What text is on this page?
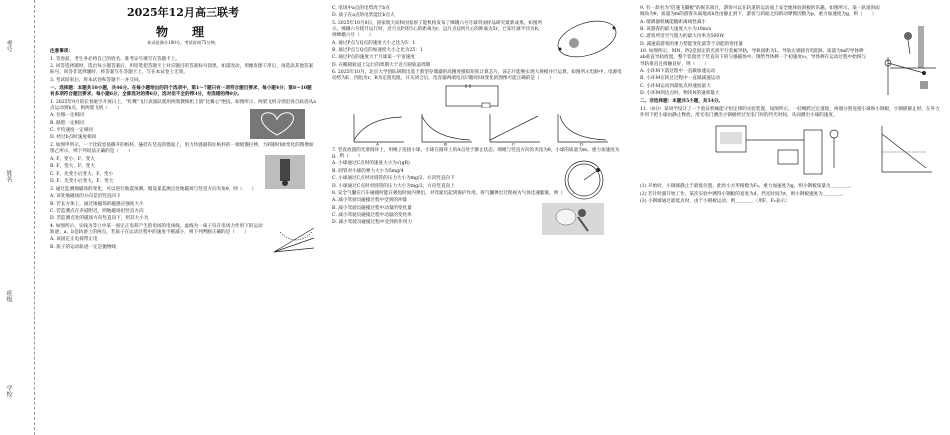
考号
姓名
班级
学校

2025年12月高三联考

物　理

本试卷满分100分，考试时间75分钟。

注意事项：

1. 答卷前，考生务必将自己的姓名、准考证号填写在答题卡上。

2. 回答选择题时，选出每小题答案后，用铅笔把答题卡上对应题目的答案标号涂黑。如需改动，用橡皮擦干净后，再选涂其他答案标号。回答非选择题时，将答案写在答题卡上，写在本试卷上无效。

3. 考试结束后，将本试卷和答题卡一并交回。

一、选择题：本题共10小题，共46分。在每小题给出的四个选项中，第1～7题只有一项符合题目要求，每小题4分；第8～10题有多项符合题目要求，每小题6分，全部选对的得6分，选对但不全的得3分，有选错的得0分。

1. 2025年9月的长春航空开放日上，"红鹰"飞行表演队使用两架教练机上演"比翼心"绝技。如图所示，两架飞机分别沿各自轨迹从a点运动到b点，则两架飞机（　　）

A. 位移一定相同

B. 路程一定相同

C. 平均速度一定相同

D. 经过b点时速度相同

2. 如图甲所示，一个比较容易撕开的纸杯，悬挂在竖直的墙面上，用力传感器钩住纸杯的一端缓慢拉伸，力F随时间t变化的图像如图乙所示，则下列说法正确的是（　　）

A. F、变小、F、变大

B. F、变大、F、变大

C. F、先变小后变大、F、变小

D. F、先变小后变大、F、变大

3. 通过监测地磁场的变化，可以进行地震预测。假设某监测点处地磁场与竖直方向夹角θ，则（　　）

A. 该处地磁场的方向是沿竖直向下

B. 若长方体上，通过地磁场的磁感应强度大小

C. 若监测点在赤道附近，则地磁场沿竖直方向

D. 若监测点处的磁场方向竖直向下，则其大小为

4. 如图所示，实线为等立中某一固定正电荷产生的电场的电场线，虚线为一质子仅在电场力作用下的运动轨迹，a、b是轨迹上的两点，若质子在运动过程中的速度不断减小，则下列判断正确的是（　　）

A. 该固定正电荷带正电

B. 质子的运动轨迹一定是抛物线

C. 电场中a点的电势高于b点

D. 质子在a点的电势能比b点大

5. 2025年10月8日，国家航天局和国家原子能机构发布了嫦娥六号月球背面样品研究最新成果。如图所示，嫦娥六号绕月运行时，近月点P到月心的距离为r，远月点Q到月心的距离为5r，已知月球半径为R，则嫦娥六号（　　）

A. 通过P点与Q点的速度大小之比为5：1

B. 通过P点与Q点的加速度大小之比为25：1

C. 通过P点的速度大于月球第一宇宙速度

D. 在椭圆轨道上运行的周期大于近月圆轨道周期

6. 2025年10月，北京大学团队研制出基于新型存储器的高精度模拟矩阵计算芯片，该芯片能够实现大规模并行运算。如图所示电路中，电源电动势为E、内阻为r，R为定值电阻，开关闭合后，电容器两端电压U随时间t变化的图像可能正确的是（　　）

A	B	C	D

7. 竖直放置的光滑圆环上，用绳子连接小球，小球在圆环上的A点处于静止状态，细绳与竖直方向的夹角为θ，小球的质量为m，重力加速度为g，则（　　）

A. 小球通过C点时的速度大小为√(gR)

B. 圆管对小球的弹力大小为5mg/4

C. 小球通过C点时对圆管的压力大小为mg/2，方向竖直向下

D. 小球通过C点时对圆管的压力大小为mg/2，方向竖直向上

8. 安全气囊在汽车碰撞时能在极短时间内弹出，对驾驶员起到保护作用。将气囊弹出过程视为气体迅速膨胀，则（　　）

A. 减小驾驶员碰撞过程中受到的冲量

B. 减小驾驶员碰撞过程中动量的变化量

C. 减小驾驶员碰撞过程中动量的变化率

D. 减小驾驶员碰撞过程中受到的作用力

9. 有一款名为"倍速飞脚板"的娱乐项目，游客可以在轨道的运动面上安全地体验滑板的乐趣。如图所示，某一轨道斜面倾角为θ，质量为m的游客从离地高h处由静止滑下，游客与斜面之间的动摩擦因数为μ，重力加速度为g，则（　　）

A. 缓降器机械能随距离线性减小

B. 该游客的最大速度大小为10m/s

C. 游客所受空气阻力的最大功率为500W

D. 减速前游客的重力势能变化量等于动能的变化量

10. 如图所示，MN、PQ是固定的光滑平行金属导轨，导轨间距为L，导轨左端接有电阻R，质量为m的导体棒ab垂直导轨放置，整个装置处于竖直向下的匀强磁场中。现给导体棒一个初速度v₀，导体棒在运动过程中始终与导轨垂直且接触良好，则（　　）

A. 小环M下落过程中一直做加速运动

B. 小环M在转过过程中一直做减速运动

C. 小环M运动到最低点时速度最大

D. 小环M到达点时，物块N的速率最大

二、非选择题：本题共5小题，共54分。

11.（8分）某同学设计了一个验证机械能守恒定律的实验装置，如图所示，一轻绳跨过定滑轮，两端分别连接小球和小钢板，小钢板静止时，在外力作用下把小球由静止释放，用光电门测出小钢板经过光电门时的挡光时间，从而测出小球的速度。

(1) 开始时，小钢球静止于最低位置，此时小方形格数为F₀，重力加速度为g，则小钢板质量为＿＿＿＿。

(2) 若计时器开始工作，某次实验中测得小钢板的宽度为d，挡光时间为t，则小钢板速度为＿＿＿＿。

(3) 小钢球通过最低点时，由于小钢板运动，则＿＿＿＿（用F、F₀表示）
